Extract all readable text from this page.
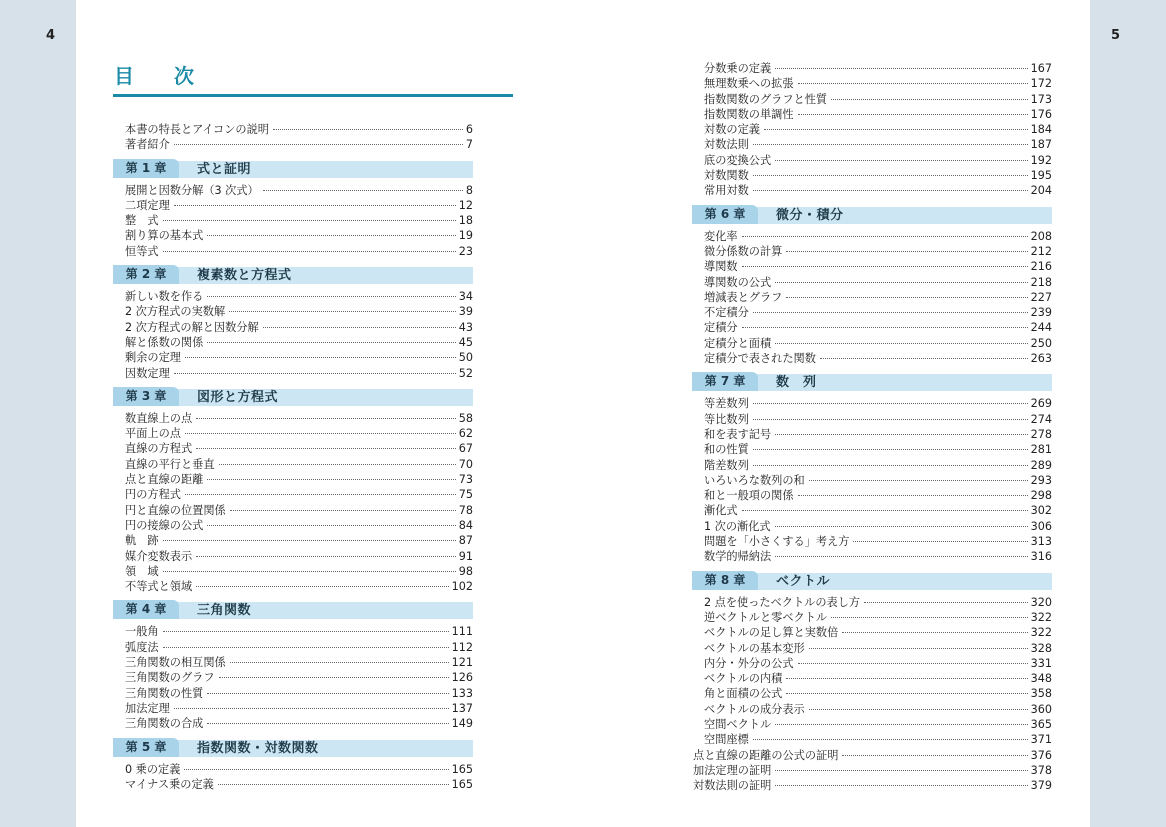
4	5
目　次
本書の特長とアイコンの説明	6
著者紹介	7
第 1 章	式と証明
展開と因数分解（3 次式）	8
二項定理	12
整　式	18
割り算の基本式	19
恒等式	23
第 2 章	複素数と方程式
新しい数を作る	34
2 次方程式の実数解	39
2 次方程式の解と因数分解	43
解と係数の関係	45
剰余の定理	50
因数定理	52
第 3 章	図形と方程式
数直線上の点	58
平面上の点	62
直線の方程式	67
直線の平行と垂直	70
点と直線の距離	73
円の方程式	75
円と直線の位置関係	78
円の接線の公式	84
軌　跡	87
媒介変数表示	91
領　域	98
不等式と領域	102
第 4 章	三角関数
一般角	111
弧度法	112
三角関数の相互関係	121
三角関数のグラフ	126
三角関数の性質	133
加法定理	137
三角関数の合成	149
第 5 章	指数関数・対数関数
0 乗の定義	165
マイナス乗の定義	165
分数乗の定義	167
無理数乗への拡張	172
指数関数のグラフと性質	173
指数関数の単調性	176
対数の定義	184
対数法則	187
底の変換公式	192
対数関数	195
常用対数	204
第 6 章	微分・積分
変化率	208
微分係数の計算	212
導関数	216
導関数の公式	218
増減表とグラフ	227
不定積分	239
定積分	244
定積分と面積	250
定積分で表された関数	263
第 7 章	数　列
等差数列	269
等比数列	274
和を表す記号	278
和の性質	281
階差数列	289
いろいろな数列の和	293
和と一般項の関係	298
漸化式	302
1 次の漸化式	306
問題を「小さくする」考え方	313
数学的帰納法	316
第 8 章	ベクトル
2 点を使ったベクトルの表し方	320
逆ベクトルと零ベクトル	322
ベクトルの足し算と実数倍	322
ベクトルの基本変形	328
内分・外分の公式	331
ベクトルの内積	348
角と面積の公式	358
ベクトルの成分表示	360
空間ベクトル	365
空間座標	371
点と直線の距離の公式の証明	376
加法定理の証明	378
対数法則の証明	379
